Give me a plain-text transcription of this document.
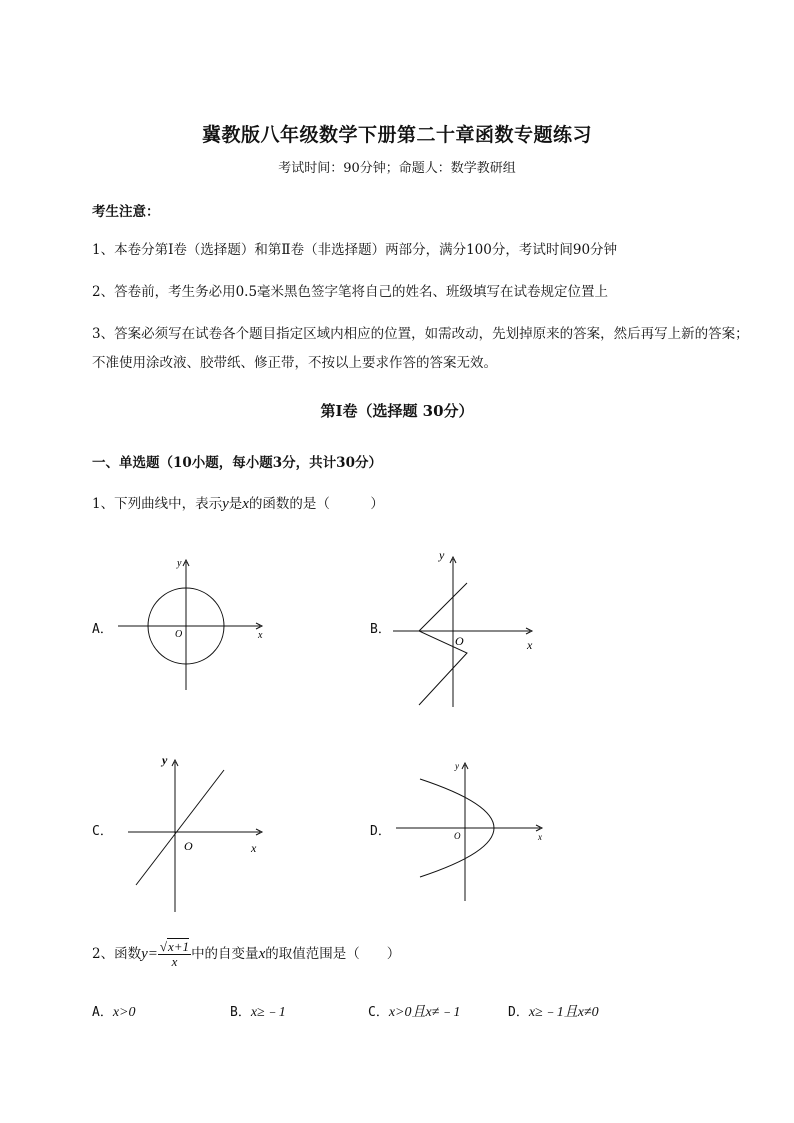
冀教版八年级数学下册第二十章函数专题练习
考试时间：90分钟；命题人：数学教研组
考生注意：
1、本卷分第Ⅰ卷（选择题）和第Ⅱ卷（非选择题）两部分，满分100分，考试时间90分钟
2、答卷前，考生务必用0.5毫米黑色签字笔将自己的姓名、班级填写在试卷规定位置上
3、答案必须写在试卷各个题目指定区域内相应的位置，如需改动，先划掉原来的答案，然后再写上新的答案；不准使用涂改液、胶带纸、修正带，不按以上要求作答的答案无效。
第Ⅰ卷（选择题 30分）
一、单选题（10小题，每小题3分，共计30分）
1、下列曲线中，表示y是x的函数的是（　　　）
A．	B．
C．	D．
x
y
O
x
y
O
x
y
O
x
y
O
2、函数$y= \frac{√x+1}{x}$ 中的自变量x的取值范围是（　　）
A．x>0	B．x≥﹣1	C．x>0且x≠﹣1	D．x≥﹣1且x≠0
